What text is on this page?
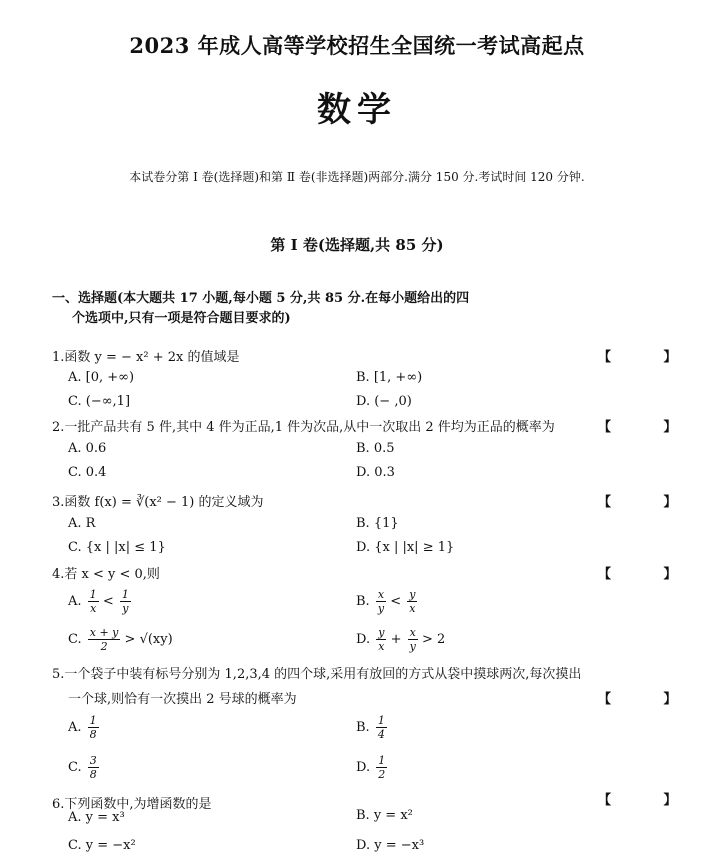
2023 年成人高等学校招生全国统一考试高起点
数学
本试卷分第 Ⅰ 卷(选择题)和第 Ⅱ 卷(非选择题)两部分.满分 150 分.考试时间 120 分钟.
第 Ⅰ 卷(选择题,共 85 分)
一、选择题(本大题共 17 小题,每小题 5 分,共 85 分.在每小题给出的四
个选项中,只有一项是符合题目要求的)
1.函数 y = − x² + 2x 的值域是	【 】
A. [0, +∞)	B. [1, +∞)
C. (−∞,1]	D. (− ,0)
2.一批产品共有 5 件,其中 4 件为正品,1 件为次品,从中一次取出 2 件均为正品的概率为	【 】
A. 0.6	B. 0.5
C. 0.4	D. 0.3
3.函数 f(x) = ∛(x² − 1) 的定义域为	【 】
A. R	B. {1}
C. {x | |x| ≤ 1}	D. {x | |x| ≥ 1}
4.若 x < y < 0,则	【 】
A. $\frac{1}{x} < \frac{1}{y}$	B. $\frac{x}{y} < \frac{y}{x}$
C. $\frac{x + y}{2} > √(xy)$	D. $\frac{y}{x} + \frac{x}{y} > 2$
5.一个袋子中装有标号分别为 1,2,3,4 的四个球,采用有放回的方式从袋中摸球两次,每次摸出
一个球,则恰有一次摸出 2 号球的概率为	【 】
A. $\frac{1}{8}$	B. $\frac{1}{4}$
C. $\frac{3}{8}$	D. $\frac{1}{2}$
6.下列函数中,为增函数的是	【 】
A. y = x³	B. y = x²
C. y = −x²	D. y = −x³
